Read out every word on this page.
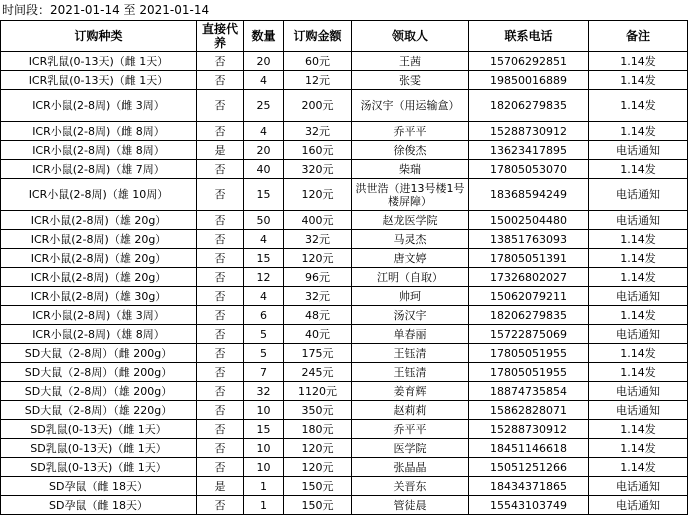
时间段：2021-01-14 至 2021-01-14
订购种类	直接代养	数量	订购金额	领取人	联系电话	备注
ICR乳鼠(0-13天)（雌 1天）	否	20	60元	王茜	15706292851	1.14发
ICR乳鼠(0-13天)（雌 1天）	否	4	12元	张雯	19850016889	1.14发
ICR小鼠(2-8周)（雌 3周）	否	25	200元	汤汉宇（用运输盒）	18206279835	1.14发
ICR小鼠(2-8周)（雌 8周）	否	4	32元	乔平平	15288730912	1.14发
ICR小鼠(2-8周)（雄 8周）	是	20	160元	徐俊杰	13623417895	电话通知
ICR小鼠(2-8周)（雄 7周）	否	40	320元	柴瑞	17805053070	1.14发
ICR小鼠(2-8周)（雄 10周）	否	15	120元	洪世浩（进13号楼1号楼屏障）	18368594249	电话通知
ICR小鼠(2-8周)（雄 20g）	否	50	400元	赵龙医学院	15002504480	电话通知
ICR小鼠(2-8周)（雄 20g）	否	4	32元	马灵杰	13851763093	1.14发
ICR小鼠(2-8周)（雄 20g）	否	15	120元	唐文婷	17805051391	1.14发
ICR小鼠(2-8周)（雄 20g）	否	12	96元	江明（自取）	17326802027	1.14发
ICR小鼠(2-8周)（雄 30g）	否	4	32元	帅珂	15062079211	电话通知
ICR小鼠(2-8周)（雄 3周）	否	6	48元	汤汉宇	18206279835	1.14发
ICR小鼠(2-8周)（雄 8周）	否	5	40元	单春丽	15722875069	电话通知
SD大鼠（2-8周）（雌 200g）	否	5	175元	王钰清	17805051955	1.14发
SD大鼠（2-8周）（雌 200g）	否	7	245元	王钰清	17805051955	1.14发
SD大鼠（2-8周）（雄 200g）	否	32	1120元	姜育辉	18874735854	电话通知
SD大鼠（2-8周）（雄 220g）	否	10	350元	赵莉莉	15862828071	电话通知
SD乳鼠(0-13天)（雌 1天）	否	15	180元	乔平平	15288730912	1.14发
SD乳鼠(0-13天)（雌 1天）	否	10	120元	医学院	18451146618	1.14发
SD乳鼠(0-13天)（雌 1天）	否	10	120元	张晶晶	15051251266	1.14发
SD孕鼠（雌 18天）	是	1	150元	关晋东	18434371865	电话通知
SD孕鼠（雌 18天）	否	1	150元	管徒晨	15543103749	电话通知
